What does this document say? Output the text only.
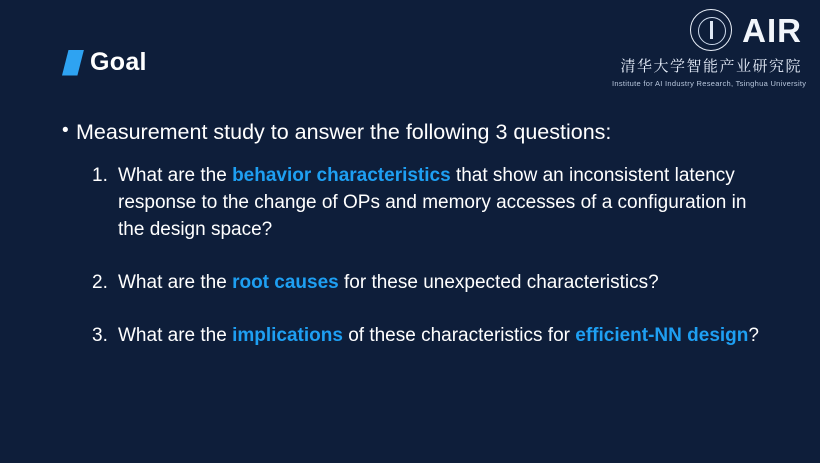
AIR
清华大学智能产业研究院
Institute for AI Industry Research, Tsinghua University
Goal
• Measurement study to answer the following 3 questions:
1. What are the behavior characteristics that show an inconsistent latency response to the change of OPs and memory accesses of a configuration in the design space?
2. What are the root causes for these unexpected characteristics?
3. What are the implications of these characteristics for efficient-NN design?
